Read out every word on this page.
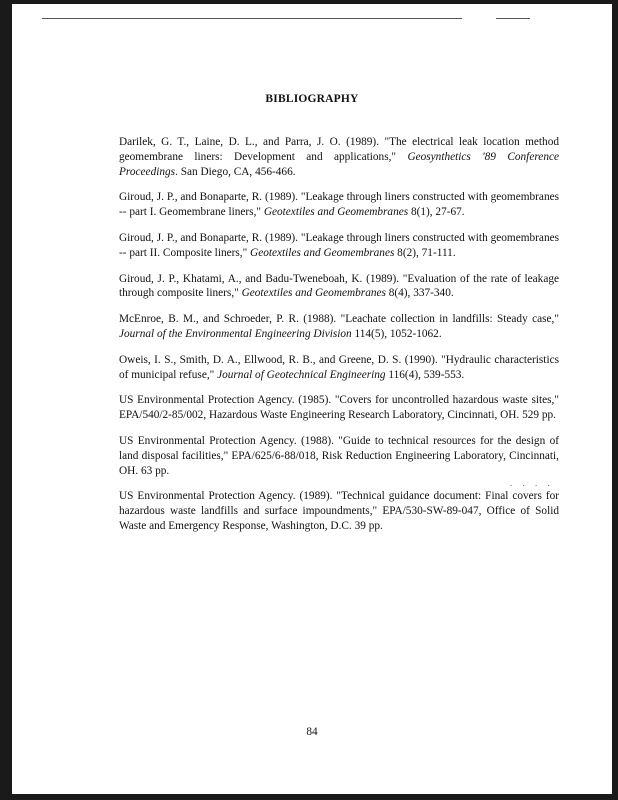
BIBLIOGRAPHY

Darilek, G. T., Laine, D. L., and Parra, J. O. (1989). "The electrical leak location method geomembrane liners: Development and applications," Geosynthetics '89 Conference Proceedings. San Diego, CA, 456-466.

Giroud, J. P., and Bonaparte, R. (1989). "Leakage through liners constructed with geomembranes -- part I. Geomembrane liners," Geotextiles and Geomembranes 8(1), 27-67.

Giroud, J. P., and Bonaparte, R. (1989). "Leakage through liners constructed with geomembranes -- part II. Composite liners," Geotextiles and Geomembranes 8(2), 71-111.

Giroud, J. P., Khatami, A., and Badu-Tweneboah, K. (1989). "Evaluation of the rate of leakage through composite liners," Geotextiles and Geomembranes 8(4), 337-340.

McEnroe, B. M., and Schroeder, P. R. (1988). "Leachate collection in landfills: Steady case," Journal of the Environmental Engineering Division 114(5), 1052-1062.

Oweis, I. S., Smith, D. A., Ellwood, R. B., and Greene, D. S. (1990). "Hydraulic characteristics of municipal refuse," Journal of Geotechnical Engineering 116(4), 539-553.

US Environmental Protection Agency. (1985). "Covers for uncontrolled hazardous waste sites," EPA/540/2-85/002, Hazardous Waste Engineering Research Laboratory, Cincinnati, OH. 529 pp.

US Environmental Protection Agency. (1988). "Guide to technical resources for the design of land disposal facilities," EPA/625/6-88/018, Risk Reduction Engineering Laboratory, Cincinnati, OH. 63 pp.

US Environmental Protection Agency. (1989). "Technical guidance document: Final covers for hazardous waste landfills and surface impoundments," EPA/530-SW-89-047, Office of Solid Waste and Emergency Response, Washington, D.C. 39 pp.

. . . .
84
